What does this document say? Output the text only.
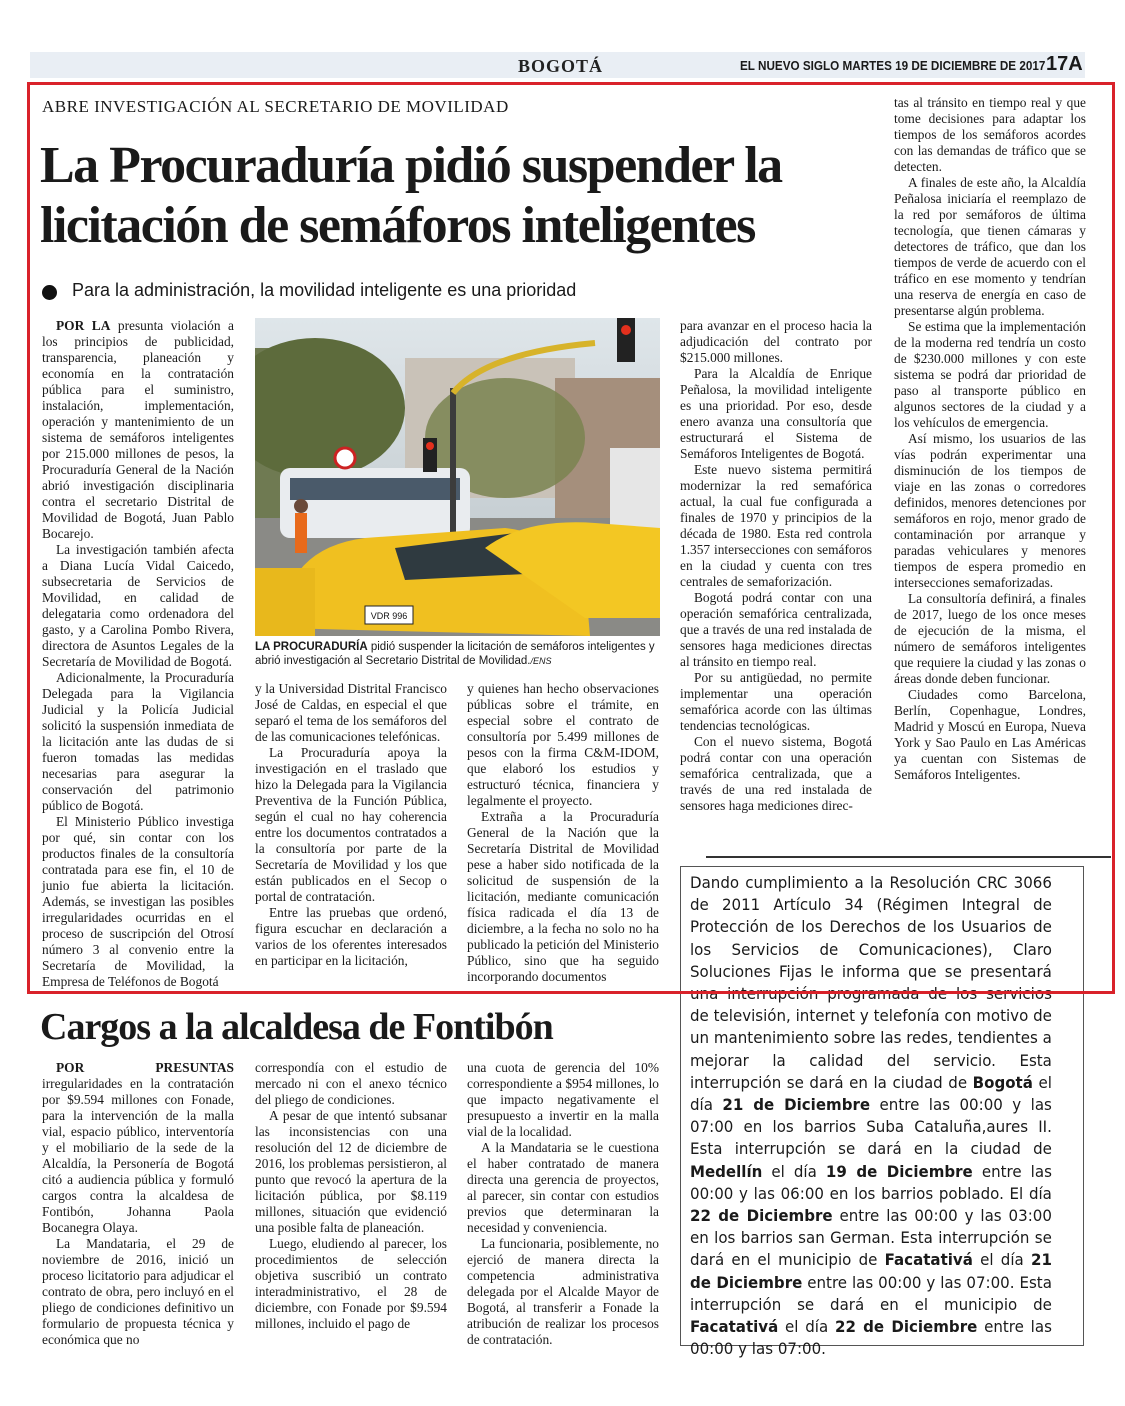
BOGOTÁ	EL NUEVO SIGLO MARTES 19 DE DICIEMBRE DE 2017 17A
ABRE INVESTIGACIÓN AL SECRETARIO DE MOVILIDAD
La Procuraduría pidió suspender la licitación de semáforos inteligentes
Para la administración, la movilidad inteligente es una prioridad

POR LA presunta violación a los principios de publicidad, transparencia, planeación y economía en la contratación pública para el suministro, instalación, implementación, operación y mantenimiento de un sistema de semáforos inteligentes por 215.000 millones de pesos, la Procuraduría General de la Nación abrió investigación disciplinaria contra el secretario Distrital de Movilidad de Bogotá, Juan Pablo Bocarejo.

La investigación también afecta a Diana Lucía Vidal Caicedo, subsecretaria de Servicios de Movilidad, en calidad de delegataria como ordenadora del gasto, y a Carolina Pombo Rivera, directora de Asuntos Legales de la Secretaría de Movilidad de Bogotá.

Adicionalmente, la Procuraduría Delegada para la Vigilancia Judicial y la Policía Judicial solicitó la suspensión inmediata de la licitación ante las dudas de si fueron tomadas las medidas necesarias para asegurar la conservación del patrimonio público de Bogotá.

El Ministerio Público investiga por qué, sin contar con los productos finales de la consultoría contratada para ese fin, el 10 de junio fue abierta la licitación. Además, se investigan las posibles irregularidades ocurridas en el proceso de suscripción del Otrosí número 3 al convenio entre la Secretaría de Movilidad, la Empresa de Teléfonos de Bogotá

VDR 996
LA PROCURADURÍA pidió suspender la licitación de semáforos inteligentes y abrió investigación al Secretario Distrital de Movilidad./ENS

y la Universidad Distrital Francisco José de Caldas, en especial el que separó el tema de los semáforos del de las comunicaciones telefónicas.

La Procuraduría apoya la investigación en el traslado que hizo la Delegada para la Vigilancia Preventiva de la Función Pública, según el cual no hay coherencia entre los documentos contratados a la consultoría por parte de la Secretaría de Movilidad y los que están publicados en el Secop o portal de contratación.

Entre las pruebas que ordenó, figura escuchar en declaración a varios de los oferentes interesados en participar en la licitación,

y quienes han hecho observaciones públicas sobre el trámite, en especial sobre el contrato de consultoría por 5.499 millones de pesos con la firma C&M-IDOM, que elaboró los estudios y estructuró técnica, financiera y legalmente el proyecto.

Extraña a la Procuraduría General de la Nación que la Secretaría Distrital de Movilidad pese a haber sido notificada de la solicitud de suspensión de la licitación, mediante comunicación física radicada el día 13 de diciembre, a la fecha no solo no ha publicado la petición del Ministerio Público, sino que ha seguido incorporando documentos

para avanzar en el proceso hacia la adjudicación del contrato por $215.000 millones.

Para la Alcaldía de Enrique Peñalosa, la movilidad inteligente es una prioridad. Por eso, desde enero avanza una consultoría que estructurará el Sistema de Semáforos Inteligentes de Bogotá.

Este nuevo sistema permitirá modernizar la red semafórica actual, la cual fue configurada a finales de 1970 y principios de la década de 1980. Esta red controla 1.357 intersecciones con semáforos en la ciudad y cuenta con tres centrales de semaforización.

Bogotá podrá contar con una operación semafórica centralizada, que a través de una red instalada de sensores haga mediciones directas al tránsito en tiempo real.

Por su antigüedad, no permite implementar una operación semafórica acorde con las últimas tendencias tecnológicas.

Con el nuevo sistema, Bogotá podrá contar con una operación semafórica centralizada, que a través de una red instalada de sensores haga mediciones direc-

tas al tránsito en tiempo real y que tome decisiones para adaptar los tiempos de los semáforos acordes con las demandas de tráfico que se detecten.

A finales de este año, la Alcaldía Peñalosa iniciaría el reemplazo de la red por semáforos de última tecnología, que tienen cámaras y detectores de tráfico, que dan los tiempos de verde de acuerdo con el tráfico en ese momento y tendrían una reserva de energía en caso de presentarse algún problema.

Se estima que la implementación de la moderna red tendría un costo de $230.000 millones y con este sistema se podrá dar prioridad de paso al transporte público en algunos sectores de la ciudad y a los vehículos de emergencia.

Así mismo, los usuarios de las vías podrán experimentar una disminución de los tiempos de viaje en las zonas o corredores definidos, menores detenciones por semáforos en rojo, menor grado de contaminación por arranque y paradas vehiculares y menores tiempos de espera promedio en intersecciones semaforizadas.

La consultoría definirá, a finales de 2017, luego de los once meses de ejecución de la misma, el número de semáforos inteligentes que requiere la ciudad y las zonas o áreas donde deben funcionar.

Ciudades como Barcelona, Berlín, Copenhague, Londres, Madrid y Moscú en Europa, Nueva York y Sao Paulo en Las Américas ya cuentan con Sistemas de Semáforos Inteligentes.

Dando cumplimiento a la Resolución CRC 3066 de 2011 Artículo 34 (Régimen Integral de Protección de los Derechos de los Usuarios de los Servicios de Comunicaciones), Claro Soluciones Fijas le informa que se presentará una interrupción programada de los servicios de televisión, internet y telefonía con motivo de un mantenimiento sobre las redes, tendientes a mejorar la calidad del servicio. Esta interrupción se dará en la ciudad de Bogotá el día 21 de Diciembre entre las 00:00 y las 07:00 en los barrios Suba Cataluña,aures II. Esta interrupción se dará en la ciudad de Medellín el día 19 de Diciembre entre las 00:00 y las 06:00 en los barrios poblado. El día 22 de Diciembre entre las 00:00 y las 03:00 en los barrios san German. Esta interrupción se dará en el municipio de Facatativá el día 21 de Diciembre entre las 00:00 y las 07:00. Esta interrupción se dará en el municipio de Facatativá el día 22 de Diciembre entre las 00:00 y las 07:00.
Cargos a la alcaldesa de Fontibón

POR PRESUNTAS irregularidades en la contratación por $9.594 millones con Fonade, para la intervención de la malla vial, espacio público, interventoría y el mobiliario de la sede de la Alcaldía, la Personería de Bogotá citó a audiencia pública y formuló cargos contra la alcaldesa de Fontibón, Johanna Paola Bocanegra Olaya.

La Mandataria, el 29 de noviembre de 2016, inició un proceso licitatorio para adjudicar el contrato de obra, pero incluyó en el pliego de condiciones definitivo un formulario de propuesta técnica y económica que no

correspondía con el estudio de mercado ni con el anexo técnico del pliego de condiciones.

A pesar de que intentó subsanar las inconsistencias con una resolución del 12 de diciembre de 2016, los problemas persistieron, al punto que revocó la apertura de la licitación pública, por $8.119 millones, situación que evidenció una posible falta de planeación.

Luego, eludiendo al parecer, los procedimientos de selección objetiva suscribió un contrato interadministrativo, el 28 de diciembre, con Fonade por $9.594 millones, incluido el pago de

una cuota de gerencia del 10% correspondiente a $954 millones, lo que impacto negativamente el presupuesto a invertir en la malla vial de la localidad.

A la Mandataria se le cuestiona el haber contratado de manera directa una gerencia de proyectos, al parecer, sin contar con estudios previos que determinaran la necesidad y conveniencia.

La funcionaria, posiblemente, no ejerció de manera directa la competencia administrativa delegada por el Alcalde Mayor de Bogotá, al transferir a Fonade la atribución de realizar los procesos de contratación.
